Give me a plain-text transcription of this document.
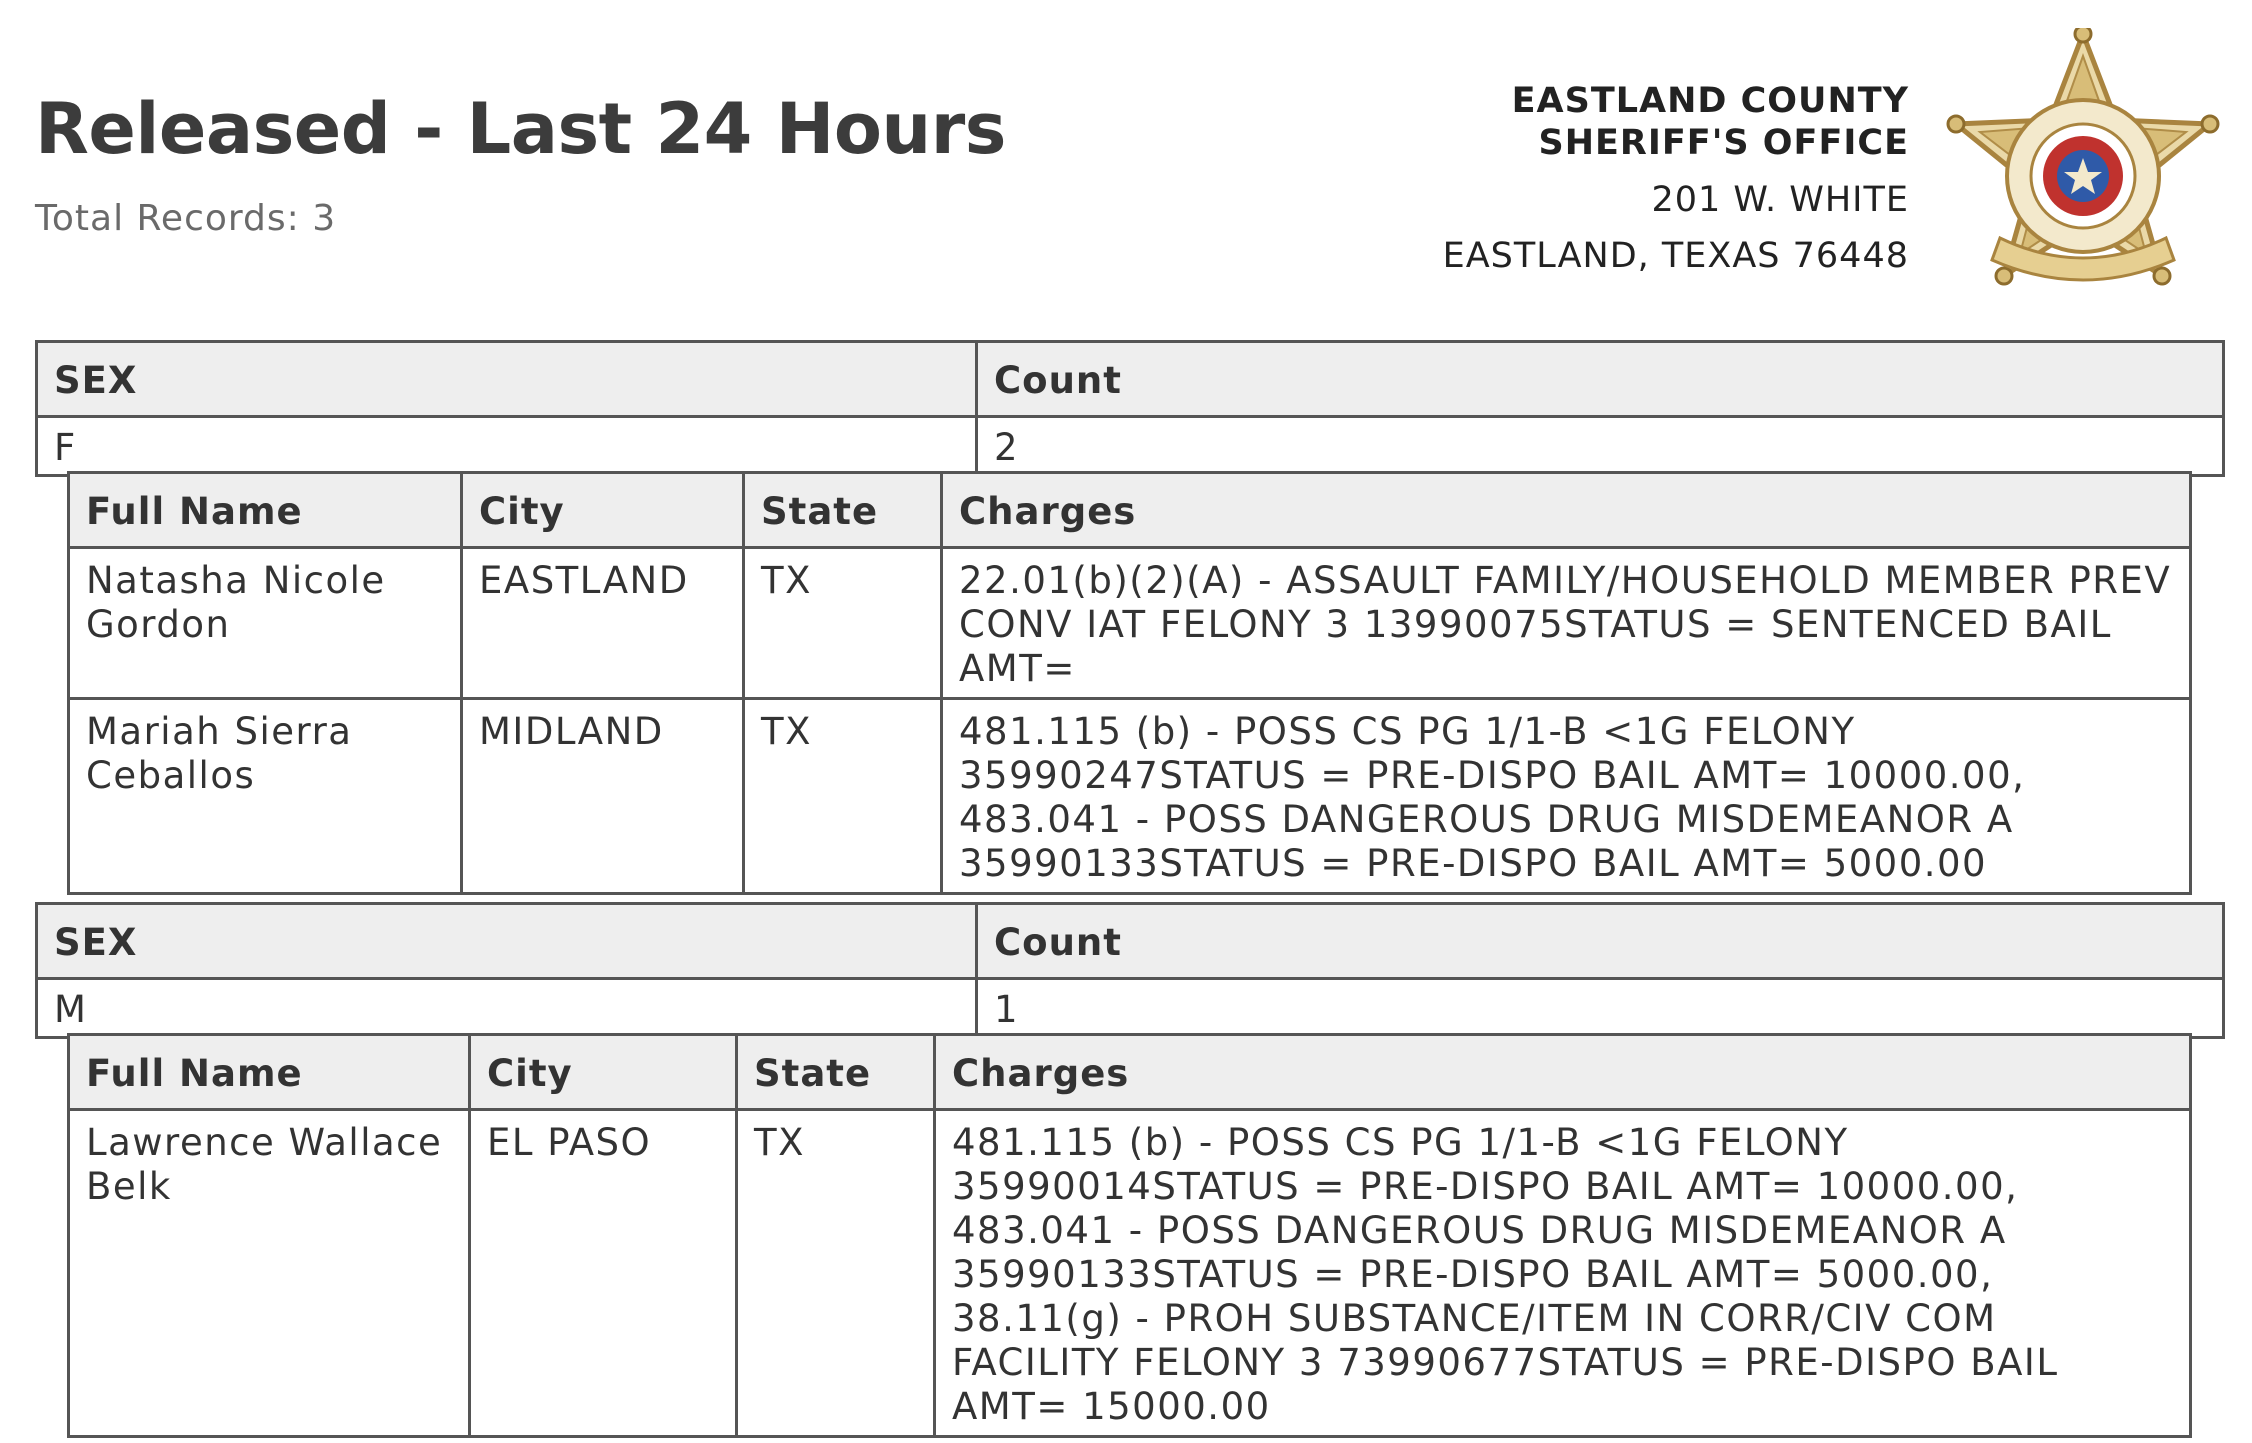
Released - Last 24 Hours
Total Records: 3
EASTLAND COUNTY SHERIFF'S OFFICE
201 W. WHITE
EASTLAND, TEXAS 76448
SEX	Count
F	2
Full Name	City	State	Charges
Natasha Nicole Gordon	EASTLAND	TX	22.01(b)(2)(A) - ASSAULT FAMILY/HOUSEHOLD MEMBER PREV CONV IAT FELONY 3 13990075STATUS = SENTENCED BAIL AMT=
Mariah Sierra Ceballos	MIDLAND	TX	481.115 (b) - POSS CS PG 1/1-B <1G FELONY 35990247STATUS = PRE-DISPO BAIL AMT= 10000.00, 483.041 - POSS DANGEROUS DRUG MISDEMEANOR A 35990133STATUS = PRE-DISPO BAIL AMT= 5000.00
SEX	Count
M	1
Full Name	City	State	Charges
Lawrence Wallace Belk	EL PASO	TX	481.115 (b) - POSS CS PG 1/1-B <1G FELONY 35990014STATUS = PRE-DISPO BAIL AMT= 10000.00, 483.041 - POSS DANGEROUS DRUG MISDEMEANOR A 35990133STATUS = PRE-DISPO BAIL AMT= 5000.00, 38.11(g) - PROH SUBSTANCE/ITEM IN CORR/CIV COM FACILITY FELONY 3 73990677STATUS = PRE-DISPO BAIL AMT= 15000.00
